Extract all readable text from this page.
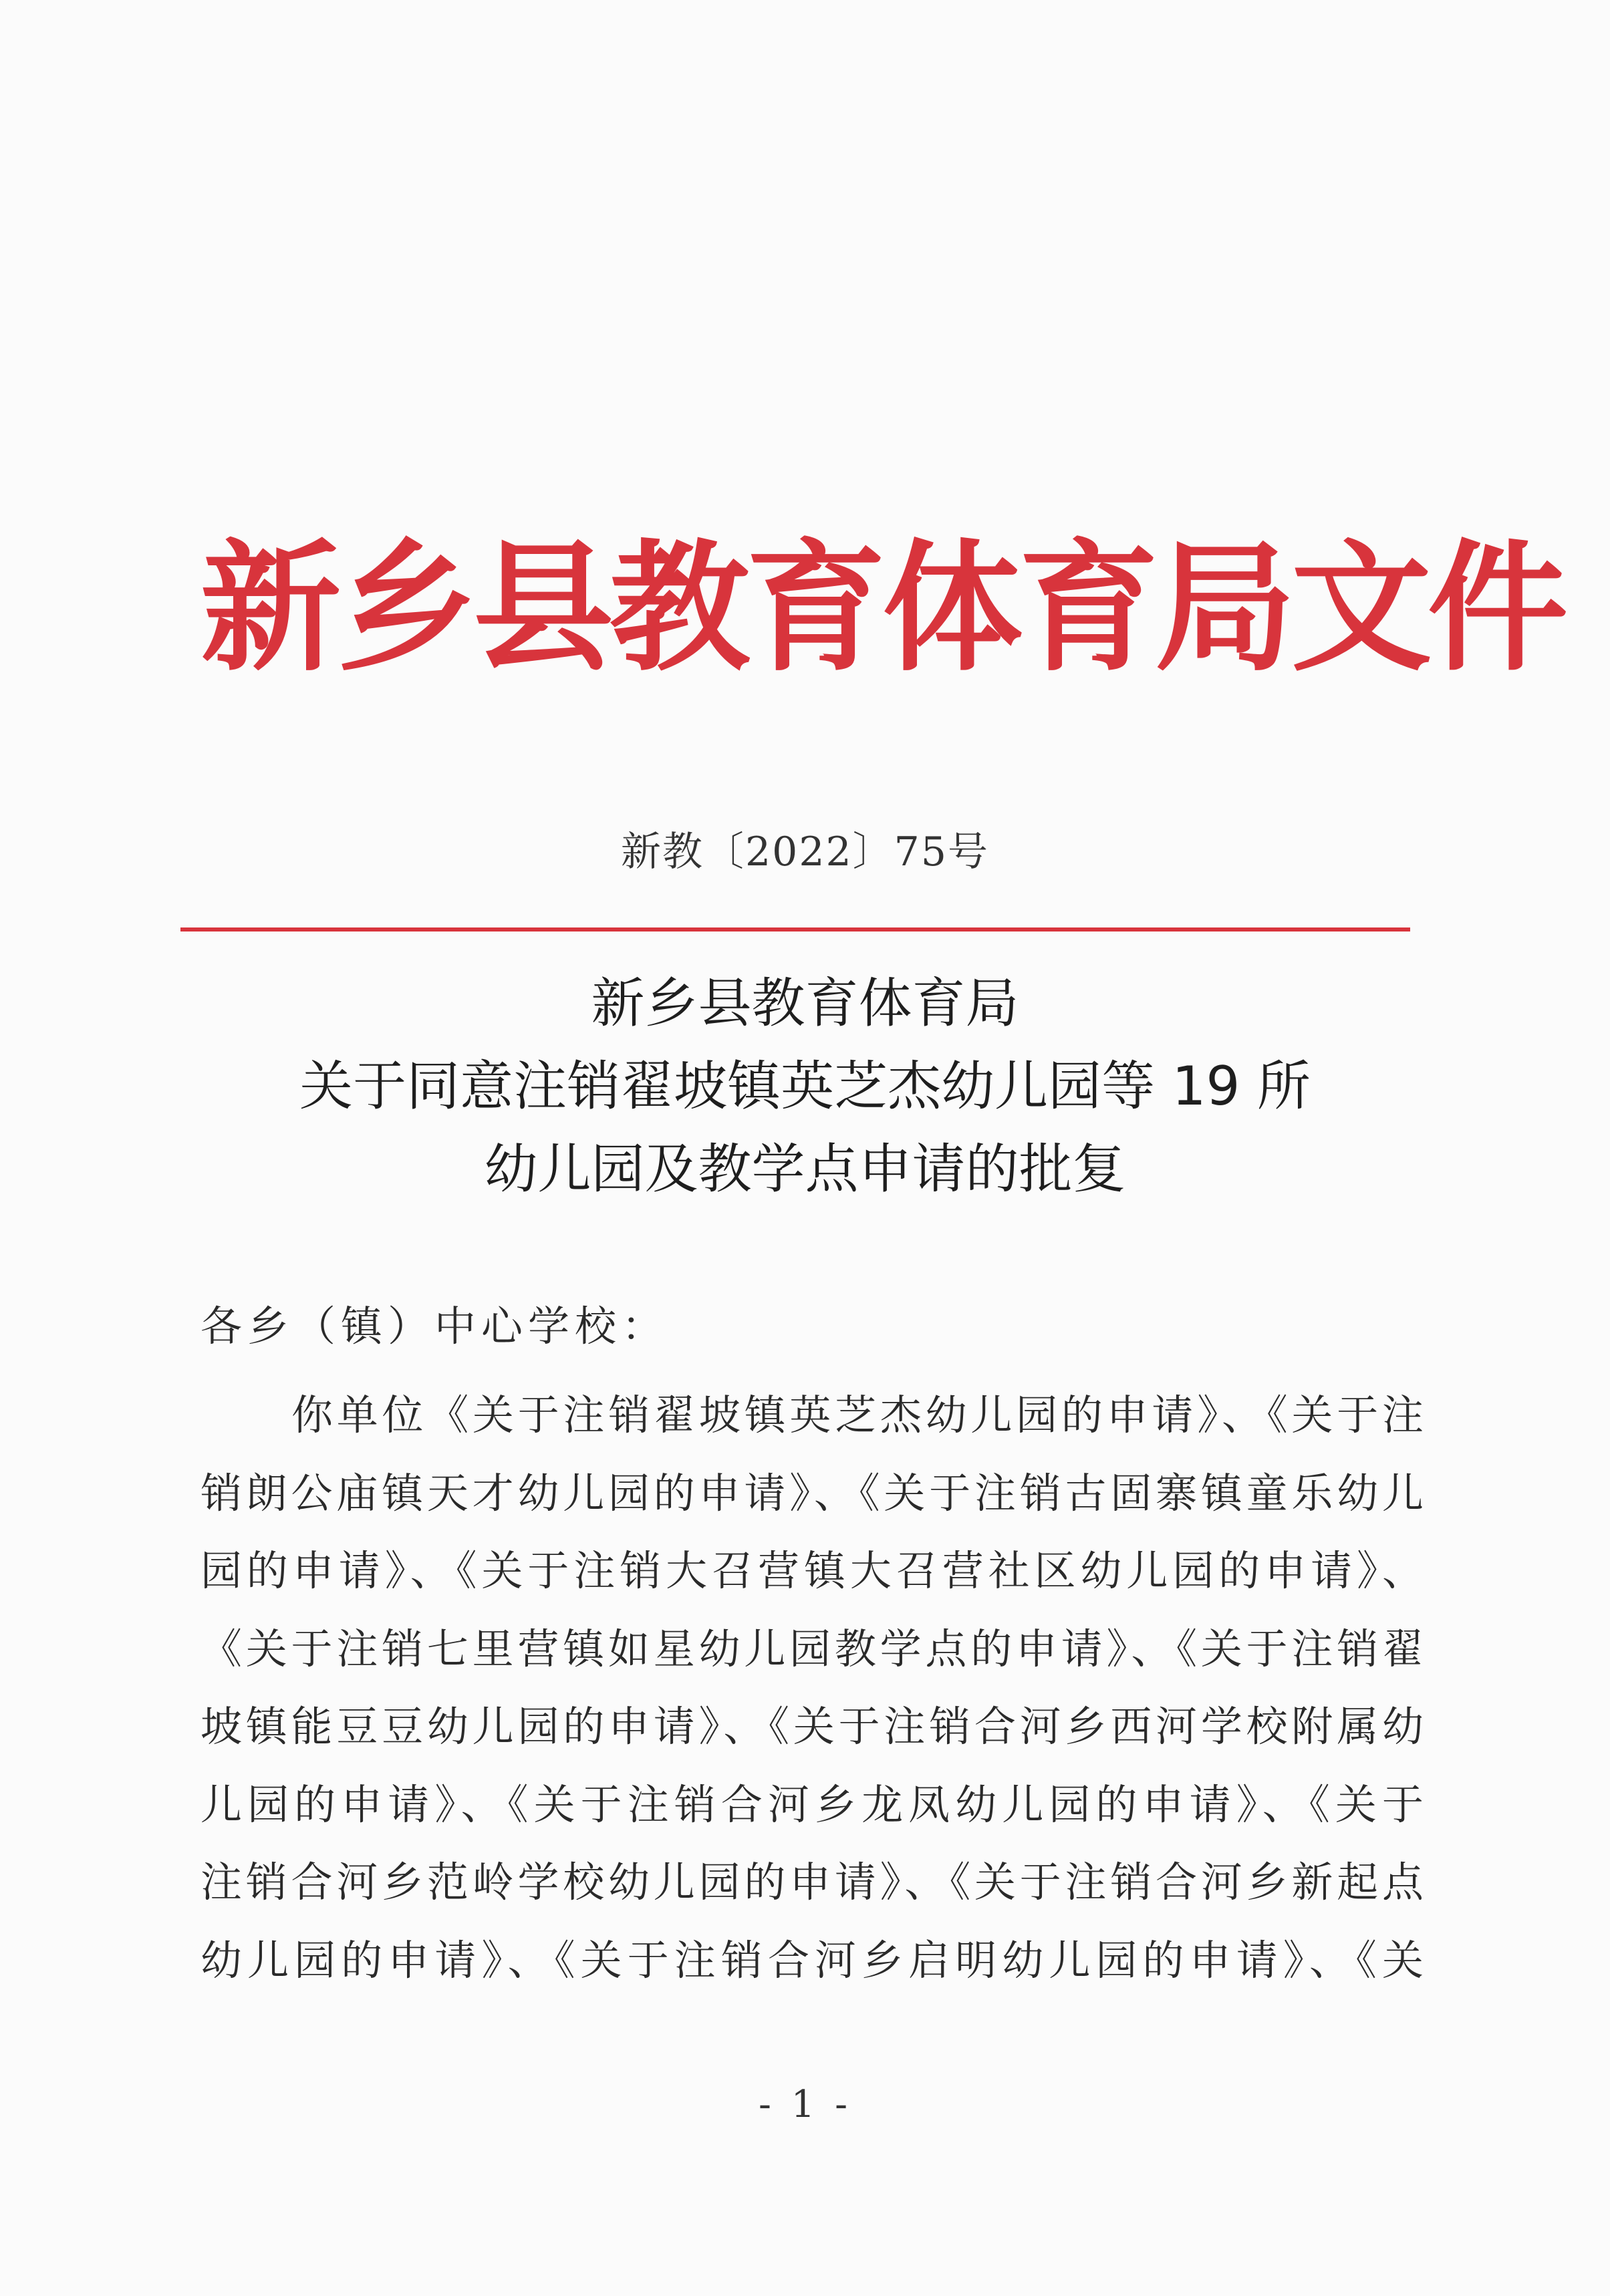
新乡县教育体育局文件
新教〔2022〕75号
新乡县教育体育局
关于同意注销翟坡镇英芝杰幼儿园等 19 所
幼儿园及教学点申请的批复
各乡（镇）中心学校：
你单位《关于注销翟坡镇英芝杰幼儿园的申请》、《关于注
销朗公庙镇天才幼儿园的申请》、《关于注销古固寨镇童乐幼儿
园的申请》、《关于注销大召营镇大召营社区幼儿园的申请》、
《关于注销七里营镇如星幼儿园教学点的申请》、《关于注销翟
坡镇能豆豆幼儿园的申请》、《关于注销合河乡西河学校附属幼
儿园的申请》、《关于注销合河乡龙凤幼儿园的申请》、《关于
注销合河乡范岭学校幼儿园的申请》、《关于注销合河乡新起点
幼儿园的申请》、《关于注销合河乡启明幼儿园的申请》、《关
- 1 -
